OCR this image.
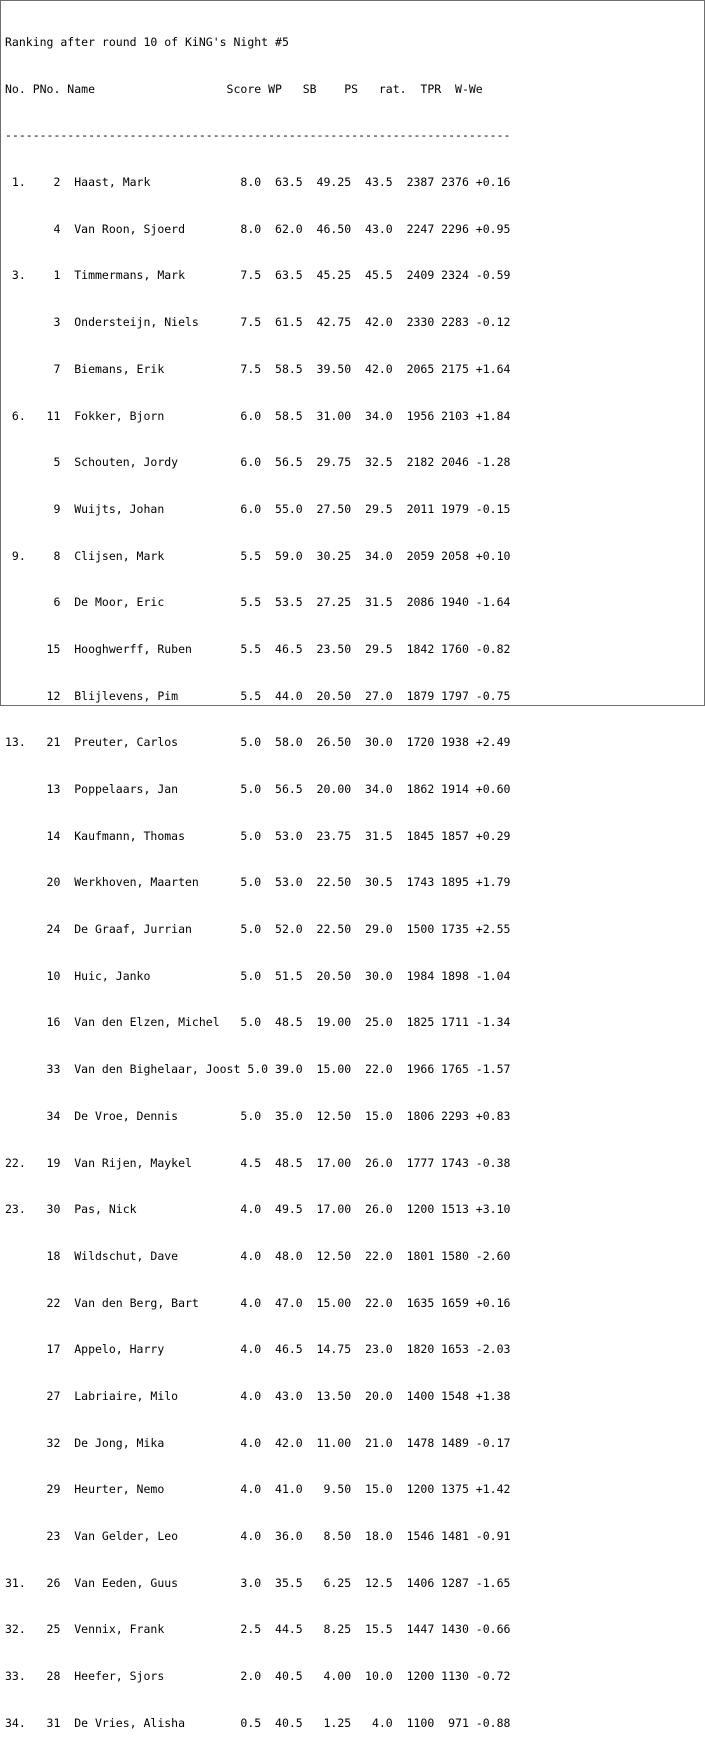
Ranking after round 10 of KiNG's Night #5

No. PNo. Name                   Score WP   SB    PS   rat.  TPR  W-We

-------------------------------------------------------------------------

1.    2  Haast, Mark             8.0  63.5  49.25  43.5  2387 2376 +0.16

4  Van Roon, Sjoerd        8.0  62.0  46.50  43.0  2247 2296 +0.95

3.    1  Timmermans, Mark        7.5  63.5  45.25  45.5  2409 2324 -0.59

3  Ondersteijn, Niels      7.5  61.5  42.75  42.0  2330 2283 -0.12

7  Biemans, Erik           7.5  58.5  39.50  42.0  2065 2175 +1.64

6.   11  Fokker, Bjorn           6.0  58.5  31.00  34.0  1956 2103 +1.84

5  Schouten, Jordy         6.0  56.5  29.75  32.5  2182 2046 -1.28

9  Wuijts, Johan           6.0  55.0  27.50  29.5  2011 1979 -0.15

9.    8  Clijsen, Mark           5.5  59.0  30.25  34.0  2059 2058 +0.10

6  De Moor, Eric           5.5  53.5  27.25  31.5  2086 1940 -1.64

15  Hooghwerff, Ruben       5.5  46.5  23.50  29.5  1842 1760 -0.82

12  Blijlevens, Pim         5.5  44.0  20.50  27.0  1879 1797 -0.75

13.   21  Preuter, Carlos         5.0  58.0  26.50  30.0  1720 1938 +2.49

13  Poppelaars, Jan         5.0  56.5  20.00  34.0  1862 1914 +0.60

14  Kaufmann, Thomas        5.0  53.0  23.75  31.5  1845 1857 +0.29

20  Werkhoven, Maarten      5.0  53.0  22.50  30.5  1743 1895 +1.79

24  De Graaf, Jurrian       5.0  52.0  22.50  29.0  1500 1735 +2.55

10  Huic, Janko             5.0  51.5  20.50  30.0  1984 1898 -1.04

16  Van den Elzen, Michel   5.0  48.5  19.00  25.0  1825 1711 -1.34

33  Van den Bighelaar, Joost 5.0 39.0  15.00  22.0  1966 1765 -1.57

34  De Vroe, Dennis         5.0  35.0  12.50  15.0  1806 2293 +0.83

22.   19  Van Rijen, Maykel       4.5  48.5  17.00  26.0  1777 1743 -0.38

23.   30  Pas, Nick               4.0  49.5  17.00  26.0  1200 1513 +3.10

18  Wildschut, Dave         4.0  48.0  12.50  22.0  1801 1580 -2.60

22  Van den Berg, Bart      4.0  47.0  15.00  22.0  1635 1659 +0.16

17  Appelo, Harry           4.0  46.5  14.75  23.0  1820 1653 -2.03

27  Labriaire, Milo         4.0  43.0  13.50  20.0  1400 1548 +1.38

32  De Jong, Mika           4.0  42.0  11.00  21.0  1478 1489 -0.17

29  Heurter, Nemo           4.0  41.0   9.50  15.0  1200 1375 +1.42

23  Van Gelder, Leo         4.0  36.0   8.50  18.0  1546 1481 -0.91

31.   26  Van Eeden, Guus         3.0  35.5   6.25  12.5  1406 1287 -1.65

32.   25  Vennix, Frank           2.5  44.5   8.25  15.5  1447 1430 -0.66

33.   28  Heefer, Sjors           2.0  40.5   4.00  10.0  1200 1130 -0.72

34.   31  De Vries, Alisha        0.5  40.5   1.25   4.0  1100  971 -0.88
